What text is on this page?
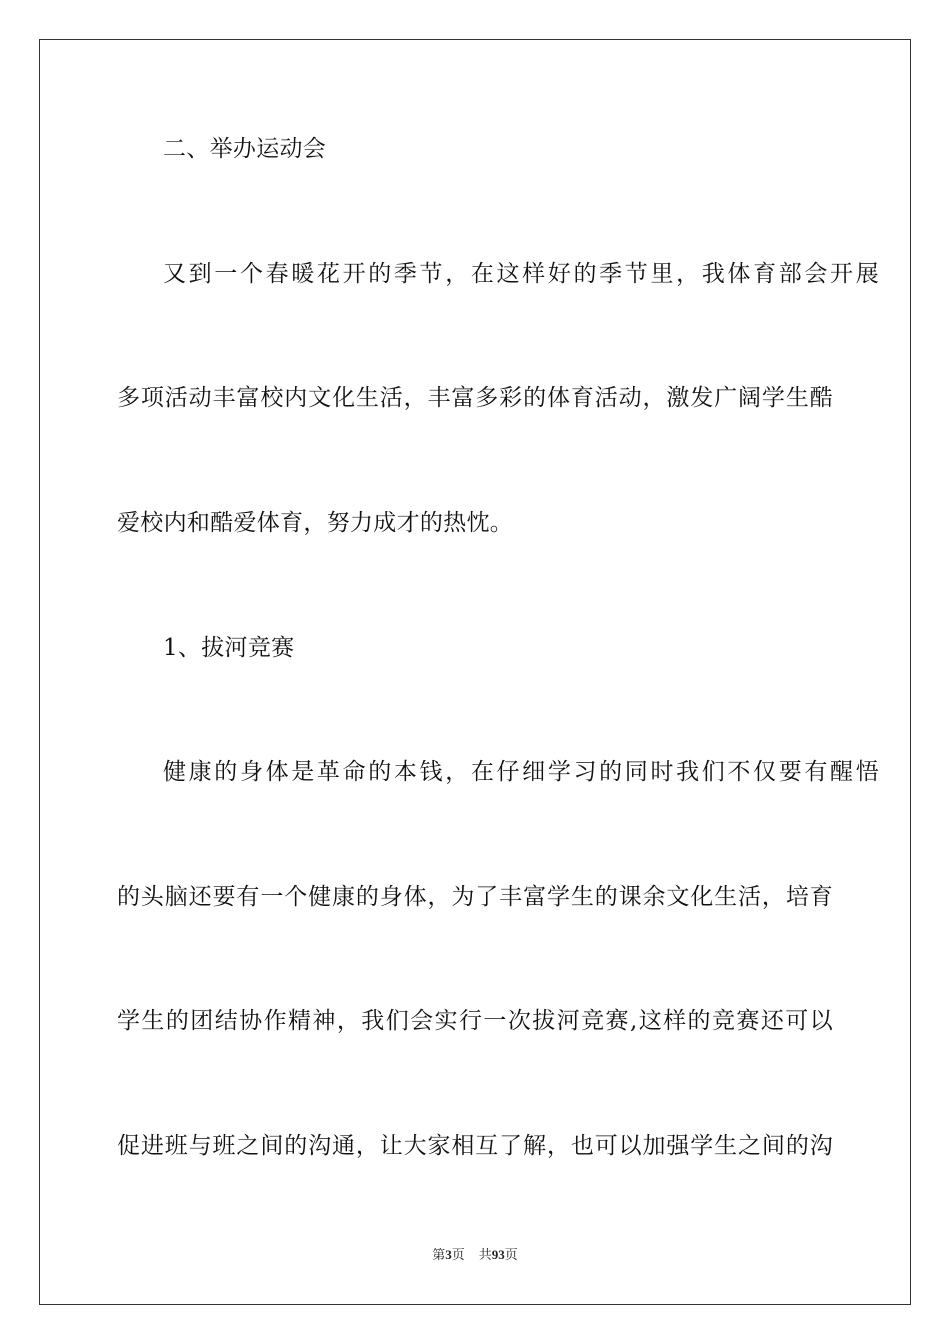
二、举办运动会
又到一个春暖花开的季节，在这样好的季节里，我体育部会开展
多项活动丰富校内文化生活，丰富多彩的体育活动，激发广阔学生酷
爱校内和酷爱体育，努力成才的热忱。
1、拔河竞赛
健康的身体是革命的本钱，在仔细学习的同时我们不仅要有醒悟
的头脑还要有一个健康的身体，为了丰富学生的课余文化生活，培育
学生的团结协作精神，我们会实行一次拔河竞赛,这样的竞赛还可以
促进班与班之间的沟通，让大家相互了解，也可以加强学生之间的沟
第3页 共93页
